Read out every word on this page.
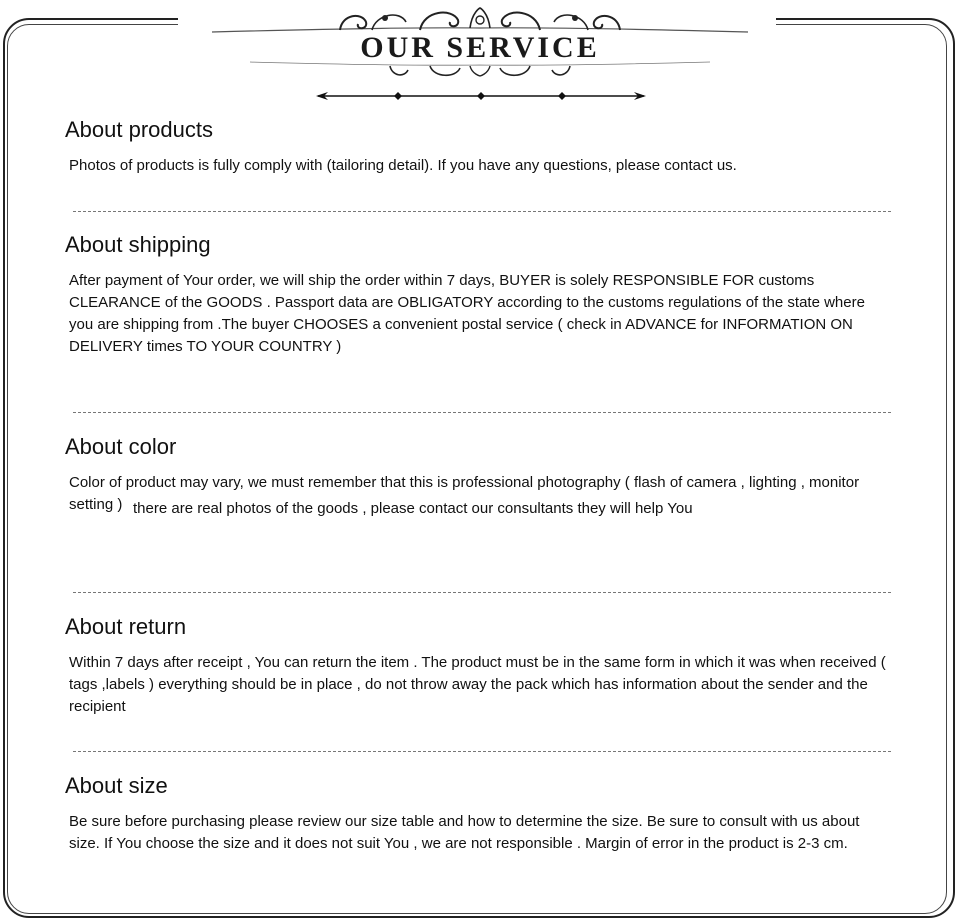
OUR SERVICE
About products

Photos of products is fully comply with (tailoring detail). If you have any questions, please contact us.

About shipping

After payment of Your order, we will ship the order within 7 days, BUYER is solely RESPONSIBLE FOR customs CLEARANCE of the GOODS . Passport data are OBLIGATORY according to the customs regulations of the state where you are shipping from .The buyer CHOOSES a convenient postal service ( check in ADVANCE for INFORMATION ON DELIVERY times TO YOUR COUNTRY )

About color

Color of product may vary, we must remember that this is professional photography ( flash of camera , lighting , monitor

setting ) there are real photos of the goods , please contact our consultants they will help You

About return

Within 7 days after receipt , You can return the item . The product must be in the same form in which it was when received ( tags ,labels ) everything should be in place , do not throw away the pack which has information about the sender and the recipient

About size

Be sure before purchasing please review our size table and how to determine the size. Be sure to consult with us about size. If You choose the size and it does not suit You , we are not responsible . Margin of error in the product is 2-3 cm.
